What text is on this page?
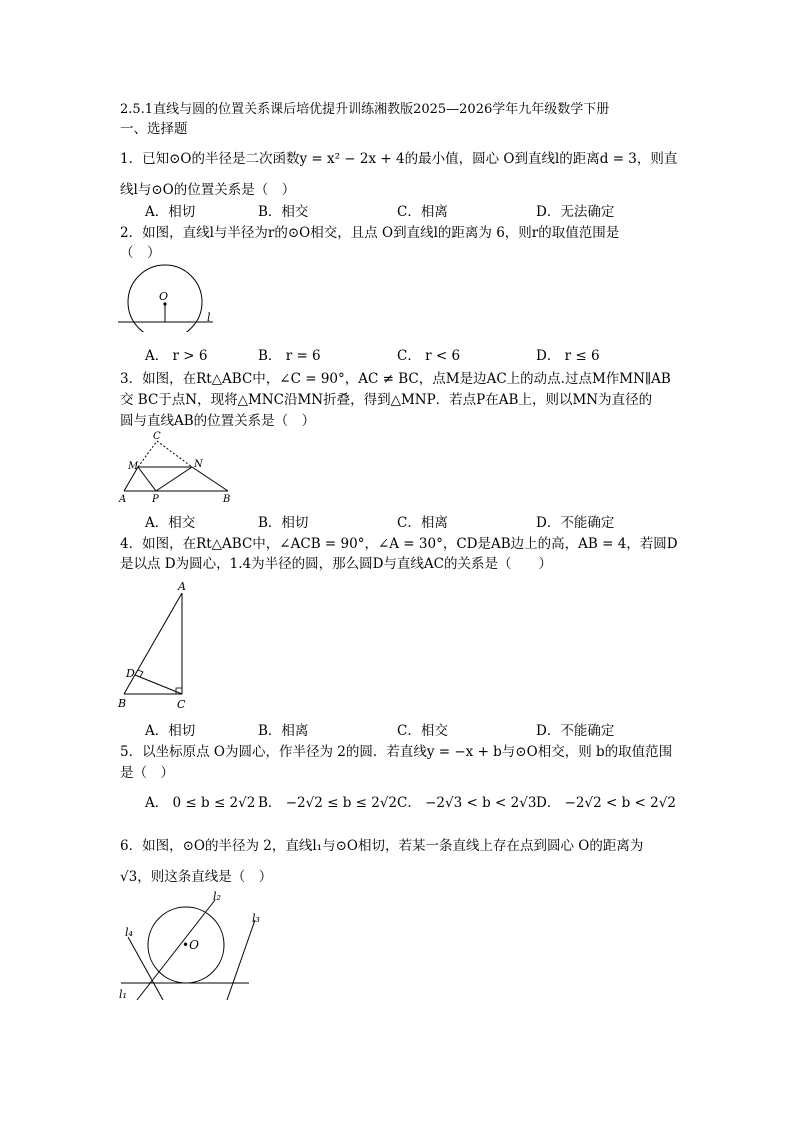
2.5.1直线与圆的位置关系课后培优提升训练湘教版2025—2026学年九年级数学下册
一、选择题
1．已知⊙O的半径是二次函数y = x² − 2x + 4的最小值，圆心 O到直线l的距离d = 3，则直
线l与⊙O的位置关系是（　）
A．相切	B．相交	C．相离	D．无法确定
2．如图，直线l与半径为r的⊙O相交，且点 O到直线l的距离为 6，则r的取值范围是
（　）
O
l
A． r > 6	B． r = 6	C． r < 6	D． r ≤ 6
3．如图，在Rt△ABC中，∠C = 90°，AC ≠ BC，点M是边AC上的动点.过点M作MN∥AB
交 BC于点N，现将△MNC沿MN折叠，得到△MNP．若点P在AB上，则以MN为直径的
圆与直线AB的位置关系是（　）
C
M	N
A	P	B
A．相交	B．相切	C．相离	D．不能确定
4．如图，在Rt△ABC中，∠ACB = 90°，∠A = 30°，CD是AB边上的高，AB = 4，若圆D
是以点 D为圆心，1.4为半径的圆，那么圆D与直线AC的关系是（　　）
A
D
B	C
A．相切	B．相离	C．相交	D．不能确定
5．以坐标原点 O为圆心，作半径为 2的圆．若直线y = −x + b与⊙O相交，则 b的取值范围
是（　）
A． 0 ≤ b ≤ 2√2 B． −2√2 ≤ b ≤ 2√2 C． −2√3 < b < 2√3 D． −2√2 < b < 2√2
6．如图，⊙O的半径为 2，直线l₁与⊙O相切，若某一条直线上存在点到圆心 O的距离为
√3，则这条直线是（　）
l₂
l₃
l₄
l₁
•O
